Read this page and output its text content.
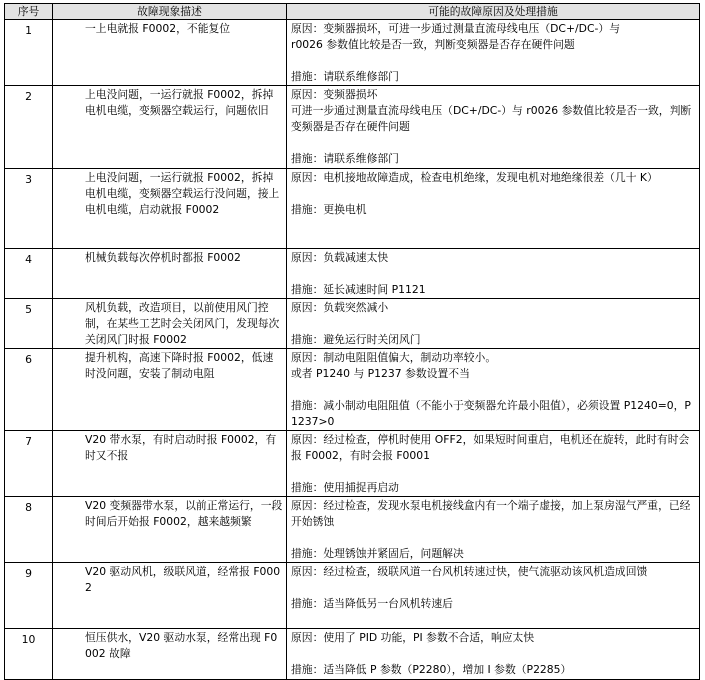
序号	故障现象描述	可能的故障原因及处理措施
1	一上电就报 F0002，不能复位	原因：变频器损坏，可进一步通过测量直流母线电压（DC+/DC-）与
r0026 参数值比较是否一致，判断变频器是否存在硬件问题
措施：请联系维修部门

2	上电没问题，一运行就报 F0002，拆掉电机电缆，变频器空载运行，问题依旧	原因：变频器损坏
可进一步通过测量直流母线电压（DC+/DC-）与 r0026 参数值比较是否一致，判断变频器是否存在硬件问题
措施：请联系维修部门

3	上电没问题，一运行就报 F0002，拆掉电机电缆，变频器空载运行没问题，接上电机电缆，启动就报 F0002	原因：电机接地故障造成，检查电机绝缘，发现电机对地绝缘很差（几十 K）
措施：更换电机

4	机械负载每次停机时都报 F0002	原因：负载减速太快
措施：延长减速时间 P1121

5	风机负载，改造项目，以前使用风门控制，在某些工艺时会关闭风门，发现每次关闭风门时报 F0002	原因：负载突然减小
措施：避免运行时关闭风门

6	提升机构，高速下降时报 F0002，低速时没问题，安装了制动电阻	原因：制动电阻阻值偏大，制动功率较小。
或者 P1240 与 P1237 参数设置不当
措施：减小制动电阻阻值（不能小于变频器允许最小阻值），必须设置 P1240=0，P1237>0

7	V20 带水泵，有时启动时报 F0002，有时又不报	原因：经过检查，停机时使用 OFF2，如果短时间重启，电机还在旋转，此时有时会报 F0002，有时会报 F0001
措施：使用捕捉再启动

8	V20 变频器带水泵，以前正常运行，一段时间后开始报 F0002，越来越频繁	原因：经过检查，发现水泵电机接线盒内有一个端子虚接，加上泵房湿气严重，已经开始锈蚀
措施：处理锈蚀并紧固后，问题解决

9	V20 驱动风机，级联风道，经常报 F0002	原因：经过检查，级联风道一台风机转速过快，使气流驱动该风机造成回馈
措施：适当降低另一台风机转速后

10	恒压供水，V20 驱动水泵，经常出现 F0002 故障	原因：使用了 PID 功能，PI 参数不合适，响应太快
措施：适当降低 P 参数（P2280），增加 I 参数（P2285）
